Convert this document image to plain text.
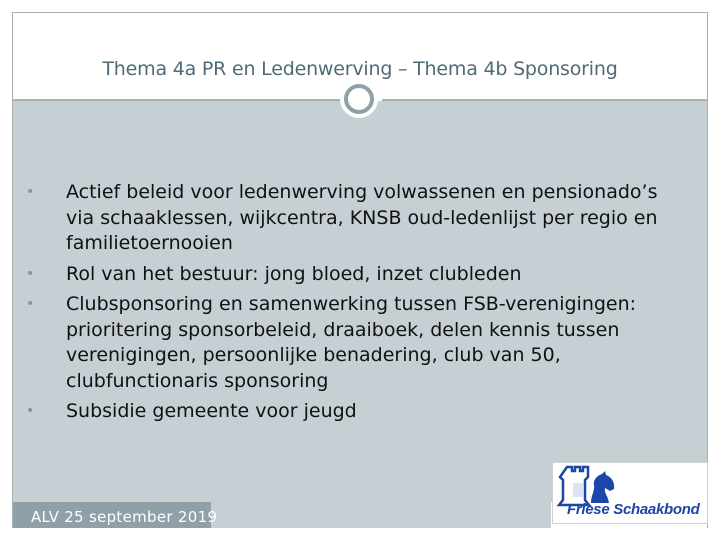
Thema 4a PR en Ledenwerving – Thema 4b Sponsoring
• Actief beleid voor ledenwerving volwassenen en pensionado’s via schaaklessen, wijkcentra, KNSB oud-ledenlijst per regio en familietoernooien
• Rol van het bestuur: jong bloed, inzet clubleden
• Clubsponsoring en samenwerking tussen FSB-verenigingen: prioritering sponsorbeleid, draaiboek, delen kennis tussen verenigingen, persoonlijke benadering, club van 50, clubfunctionaris sponsoring
• Subsidie gemeente voor jeugd
ALV 25 september 2019	Friese Schaakbond
